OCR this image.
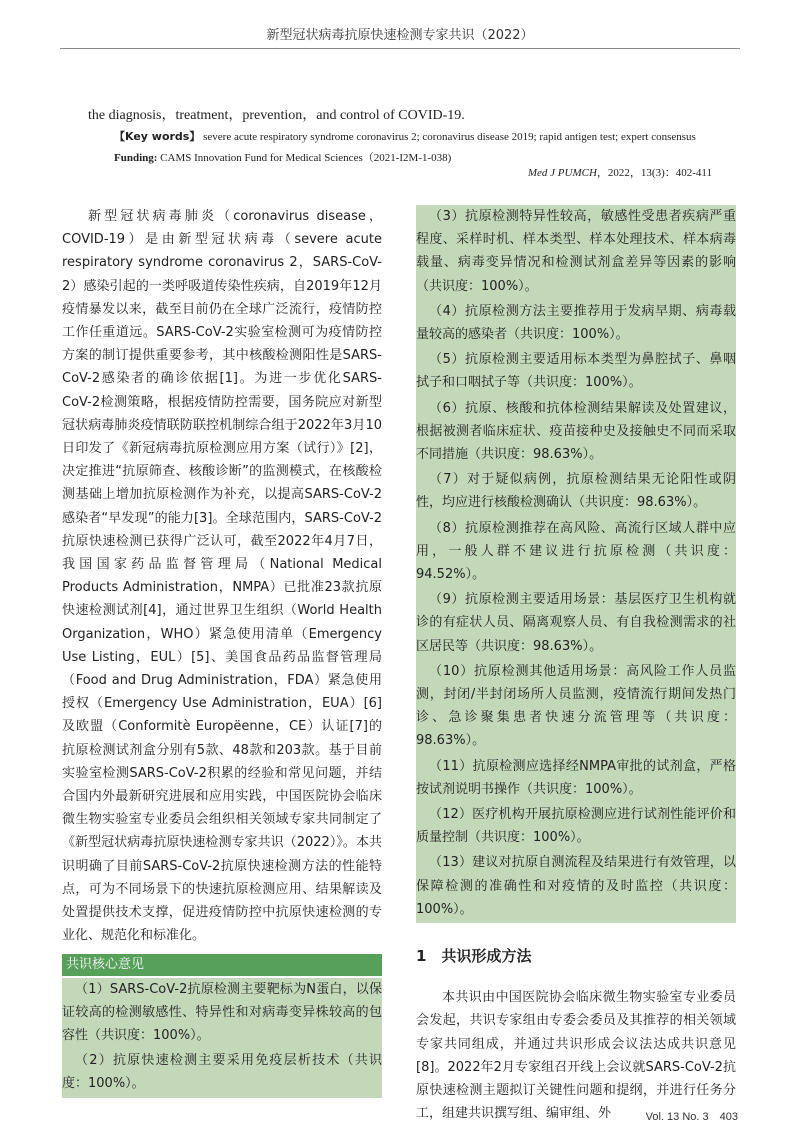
新型冠状病毒抗原快速检测专家共识（2022）
the diagnosis，treatment，prevention，and control of COVID-19.
【Key words】 severe acute respiratory syndrome coronavirus 2; coronavirus disease 2019; rapid antigen test; expert consensus
Funding: CAMS Innovation Fund for Medical Sciences（2021-I2M-1-038)
Med J PUMCH，2022，13(3)：402-411

新型冠状病毒肺炎（coronavirus disease，COVID-19）是由新型冠状病毒（severe acute respiratory syndrome coronavirus 2，SARS-CoV-2）感染引起的一类呼吸道传染性疾病，自2019年12月疫情暴发以来，截至目前仍在全球广泛流行，疫情防控工作任重道远。SARS-CoV-2实验室检测可为疫情防控方案的制订提供重要参考，其中核酸检测阳性是SARS-CoV-2感染者的确诊依据[1]。为进一步优化SARS-CoV-2检测策略，根据疫情防控需要，国务院应对新型冠状病毒肺炎疫情联防联控机制综合组于2022年3月10日印发了《新冠病毒抗原检测应用方案（试行）》[2]，决定推进“抗原筛查、核酸诊断”的监测模式，在核酸检测基础上增加抗原检测作为补充，以提高SARS-CoV-2感染者“早发现”的能力[3]。全球范围内，SARS-CoV-2抗原快速检测已获得广泛认可，截至2022年4月7日，我国国家药品监督管理局（National Medical Products Administration，NMPA）已批准23款抗原快速检测试剂[4]，通过世界卫生组织（World Health Organization，WHO）紧急使用清单（Emergency Use Listing，EUL）[5]、美国食品药品监督管理局（Food and Drug Administration，FDA）紧急使用授权（Emergency Use Administration，EUA）[6]及欧盟（Conformitè Europëenne，CE）认证[7]的抗原检测试剂盒分别有5款、48款和203款。基于目前实验室检测SARS-CoV-2积累的经验和常见问题，并结合国内外最新研究进展和应用实践，中国医院协会临床微生物实验室专业委员会组织相关领域专家共同制定了《新型冠状病毒抗原快速检测专家共识（2022）》。本共识明确了目前SARS-CoV-2抗原快速检测方法的性能特点，可为不同场景下的快速抗原检测应用、结果解读及处置提供技术支撑，促进疫情防控中抗原快速检测的专业化、规范化和标准化。

共识核心意见

（1）SARS-CoV-2抗原检测主要靶标为N蛋白，以保证较高的检测敏感性、特异性和对病毒变异株较高的包容性（共识度：100%）。

（2）抗原快速检测主要采用免疫层析技术（共识度：100%）。

（3）抗原检测特异性较高，敏感性受患者疾病严重程度、采样时机、样本类型、样本处理技术、样本病毒载量、病毒变异情况和检测试剂盒差异等因素的影响（共识度：100%）。

（4）抗原检测方法主要推荐用于发病早期、病毒载量较高的感染者（共识度：100%）。

（5）抗原检测主要适用标本类型为鼻腔拭子、鼻咽拭子和口咽拭子等（共识度：100%）。

（6）抗原、核酸和抗体检测结果解读及处置建议，根据被测者临床症状、疫苗接种史及接触史不同而采取不同措施（共识度：98.63%）。

（7）对于疑似病例，抗原检测结果无论阳性或阴性，均应进行核酸检测确认（共识度：98.63%）。

（8）抗原检测推荐在高风险、高流行区域人群中应用，一般人群不建议进行抗原检测（共识度：94.52%）。

（9）抗原检测主要适用场景：基层医疗卫生机构就诊的有症状人员、隔离观察人员、有自我检测需求的社区居民等（共识度：98.63%）。

（10）抗原检测其他适用场景：高风险工作人员监测，封闭/半封闭场所人员监测，疫情流行期间发热门诊、急诊聚集患者快速分流管理等（共识度：98.63%）。

（11）抗原检测应选择经NMPA审批的试剂盒，严格按试剂说明书操作（共识度：100%）。

（12）医疗机构开展抗原检测应进行试剂性能评价和质量控制（共识度：100%）。

（13）建议对抗原自测流程及结果进行有效管理，以保障检测的准确性和对疫情的及时监控（共识度：100%）。

1　共识形成方法

本共识由中国医院协会临床微生物实验室专业委员会发起，共识专家组由专委会委员及其推荐的相关领域专家共同组成，并通过共识形成会议法达成共识意见[8]。2022年2月专家组召开线上会议就SARS-CoV-2抗原快速检测主题拟订关键性问题和提纲，并进行任务分工，组建共识撰写组、编审组、外	Vol. 13 No. 3　403
